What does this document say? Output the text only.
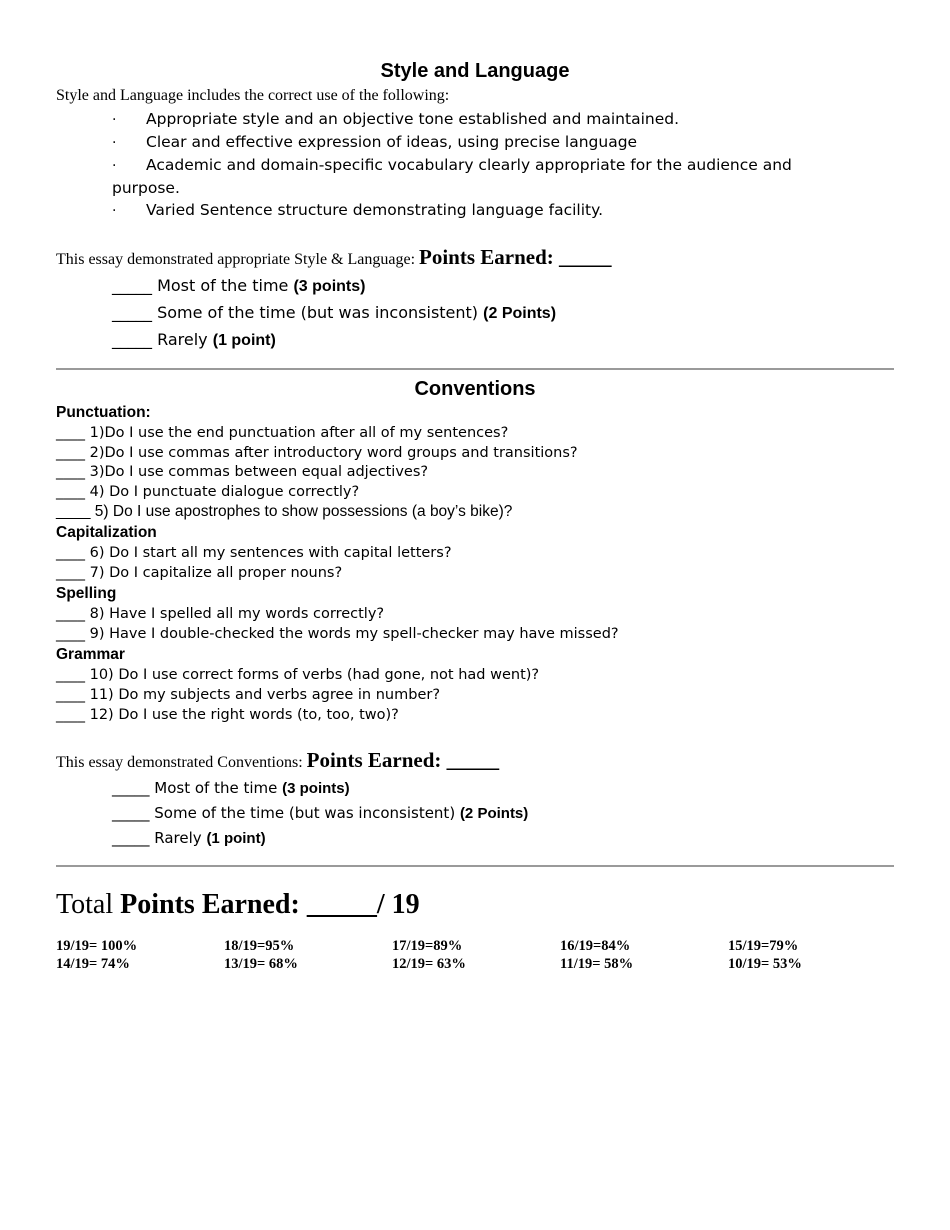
Style and Language
Style and Language includes the correct use of the following:
· Appropriate style and an objective tone established and maintained.
· Clear and effective expression of ideas, using precise language
· Academic and domain-specific vocabulary clearly appropriate for the audience and purpose.
· Varied Sentence structure demonstrating language facility.
This essay demonstrated appropriate Style & Language: Points Earned: _____
_____ Most of the time (3 points)
_____ Some of the time (but was inconsistent) (2 Points)
_____ Rarely (1 point)
Conventions
Punctuation:
____ 1)Do I use the end punctuation after all of my sentences?
____ 2)Do I use commas after introductory word groups and transitions?
____ 3)Do I use commas between equal adjectives?
____ 4) Do I punctuate dialogue correctly?
____ 5) Do I use apostrophes to show possessions (a boy’s bike)?
Capitalization
____ 6) Do I start all my sentences with capital letters?
____ 7) Do I capitalize all proper nouns?
Spelling
____ 8) Have I spelled all my words correctly?
____ 9) Have I double-checked the words my spell-checker may have missed?
Grammar
____ 10) Do I use correct forms of verbs (had gone, not had went)?
____ 11) Do my subjects and verbs agree in number?
____ 12) Do I use the right words (to, too, two)?
This essay demonstrated Conventions: Points Earned: _____
_____ Most of the time (3 points)
_____ Some of the time (but was inconsistent) (2 Points)
_____ Rarely (1 point)
Total Points Earned: _____/ 19
19/19= 100%	18/19=95%	17/19=89%	16/19=84%	15/19=79%
14/19= 74%	13/19= 68%	12/19= 63%	11/19= 58%	10/19= 53%
